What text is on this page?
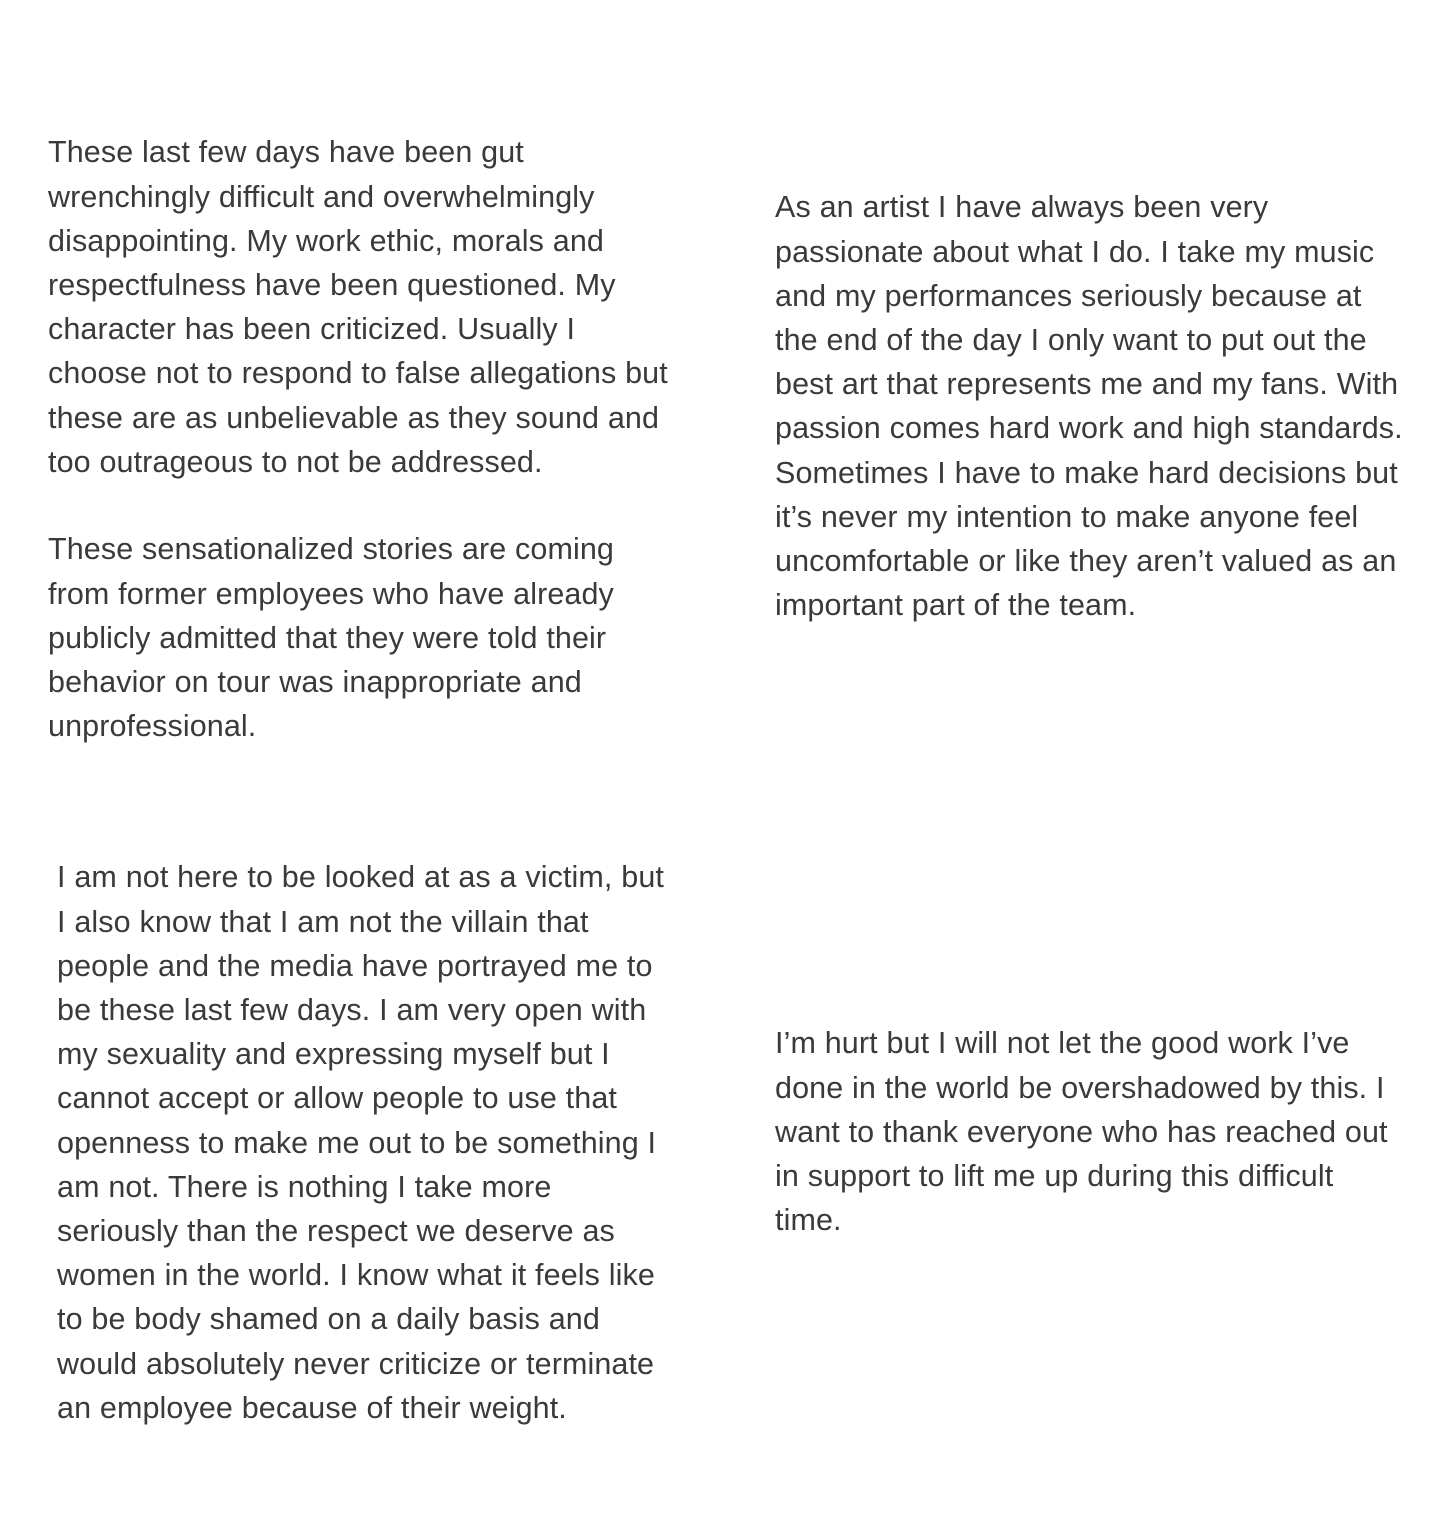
These last few days have been gut wrenchingly difficult and overwhelmingly disappointing. My work ethic, morals and respectfulness have been questioned. My character has been criticized. Usually I choose not to respond to false allegations but these are as unbelievable as they sound and too outrageous to not be addressed.

These sensationalized stories are coming from former employees who have already publicly admitted that they were told their behavior on tour was inappropriate and unprofessional.

I am not here to be looked at as a victim, but I also know that I am not the villain that people and the media have portrayed me to be these last few days. I am very open with my sexuality and expressing myself but I cannot accept or allow people to use that openness to make me out to be something I am not. There is nothing I take more seriously than the respect we deserve as women in the world. I know what it feels like to be body shamed on a daily basis and would absolutely never criticize or terminate an employee because of their weight.

As an artist I have always been very passionate about what I do. I take my music and my performances seriously because at the end of the day I only want to put out the best art that represents me and my fans. With passion comes hard work and high standards. Sometimes I have to make hard decisions but it’s never my intention to make anyone feel uncomfortable or like they aren’t valued as an important part of the team.

I’m hurt but I will not let the good work I’ve done in the world be overshadowed by this. I want to thank everyone who has reached out in support to lift me up during this difficult time.
